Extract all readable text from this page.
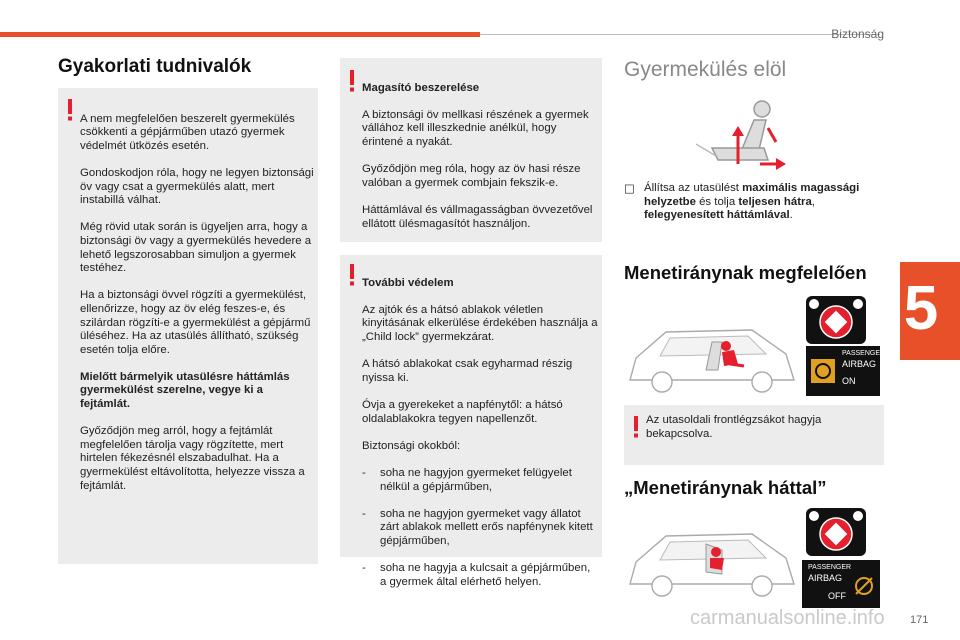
Biztonság
5
Gyakorlati tudnivalók

A nem megfelelően beszerelt gyermekülés csökkenti a gépjárműben utazó gyermek védelmét ütközés esetén.

Gondoskodjon róla, hogy ne legyen biztonsági öv vagy csat a gyermekülés alatt, mert instabillá válhat.

Még rövid utak során is ügyeljen arra, hogy a biztonsági öv vagy a gyermekülés hevedere a lehető legszorosabban simuljon a gyermek testéhez.

Ha a biztonsági övvel rögzíti a gyermekülést, ellenőrizze, hogy az öv elég feszes-e, és szilárdan rögzíti-e a gyermekülést a gépjármű üléséhez. Ha az utasülés állítható, szükség esetén tolja előre.

Mielőtt bármelyik utasülésre háttámlás gyermekülést szerelne, vegye ki a fejtámlát.

Győződjön meg arról, hogy a fejtámlát megfelelően tárolja vagy rögzítette, mert hirtelen fékezésnél elszabadulhat. Ha a gyermekülést eltávolította, helyezze vissza a fejtámlát.

Magasító beszerelése

A biztonsági öv mellkasi részének a gyermek vállához kell illeszkednie anélkül, hogy érintené a nyakát.

Győződjön meg róla, hogy az öv hasi része valóban a gyermek combjain fekszik-e.

Háttámlával és vállmagasságban övvezetővel ellátott ülésmagasítót használjon.

További védelem

Az ajtók és a hátsó ablakok véletlen kinyitásának elkerülése érdekében használja a „Child lock” gyermekzárat.

A hátsó ablakokat csak egyharmad részig nyissa ki.

Óvja a gyerekeket a napfénytől: a hátsó oldalablakokra tegyen napellenzőt.

Biztonsági okokból:

-	soha ne hagyjon gyermeket felügyelet nélkül a gépjárműben,

-	soha ne hagyjon gyermeket vagy állatot zárt ablakok mellett erős napfénynek kitett gépjárműben,

-	soha ne hagyja a kulcsait a gépjárműben, a gyermek által elérhető helyen.

Gyermekülés elöl
□ Állítsa az utasülést maximális magassági helyzetbe és tolja teljesen hátra, felegyenesített háttámlával.
Menetiránynak megfelelően
PASSENGER
AIRBAG
ON
Az utasoldali frontlégzsákot hagyja bekapcsolva.
„Menetiránynak háttal”
PASSENGER
AIRBAG
OFF
carmanualsonline.info 171
